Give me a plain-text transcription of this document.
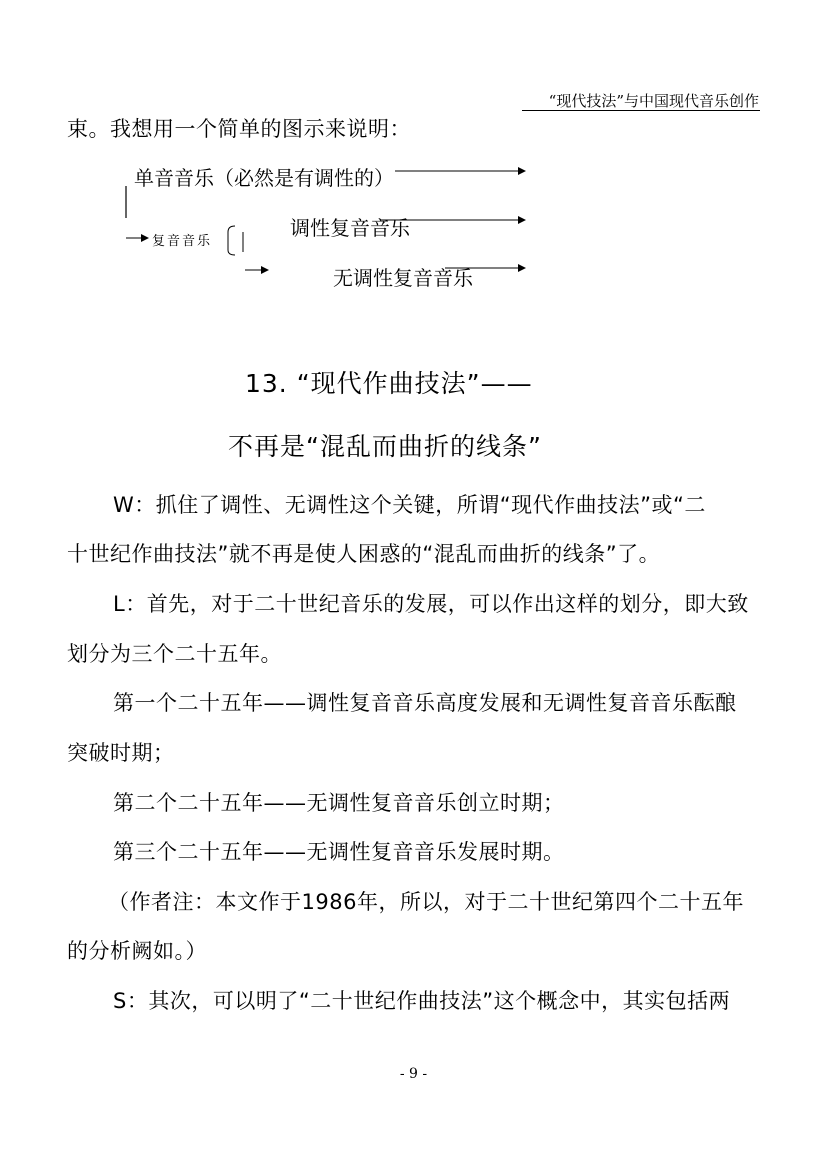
“现代技法”与中国现代音乐创作
束。我想用一个简单的图示来说明：
单音音乐（必然是有调性的）
复音音乐
调性复音音乐
无调性复音音乐
13. “现代作曲技法”——
不再是“混乱而曲折的线条”
W：抓住了调性、无调性这个关键，所谓“现代作曲技法”或“二
十世纪作曲技法”就不再是使人困惑的“混乱而曲折的线条”了。
L：首先，对于二十世纪音乐的发展，可以作出这样的划分，即大致
划分为三个二十五年。
第一个二十五年——调性复音音乐高度发展和无调性复音音乐酝酿
突破时期；
第二个二十五年——无调性复音音乐创立时期；
第三个二十五年——无调性复音音乐发展时期。
（作者注：本文作于1986年，所以，对于二十世纪第四个二十五年
的分析阙如。）
S：其次，可以明了“二十世纪作曲技法”这个概念中，其实包括两
- 9 -
